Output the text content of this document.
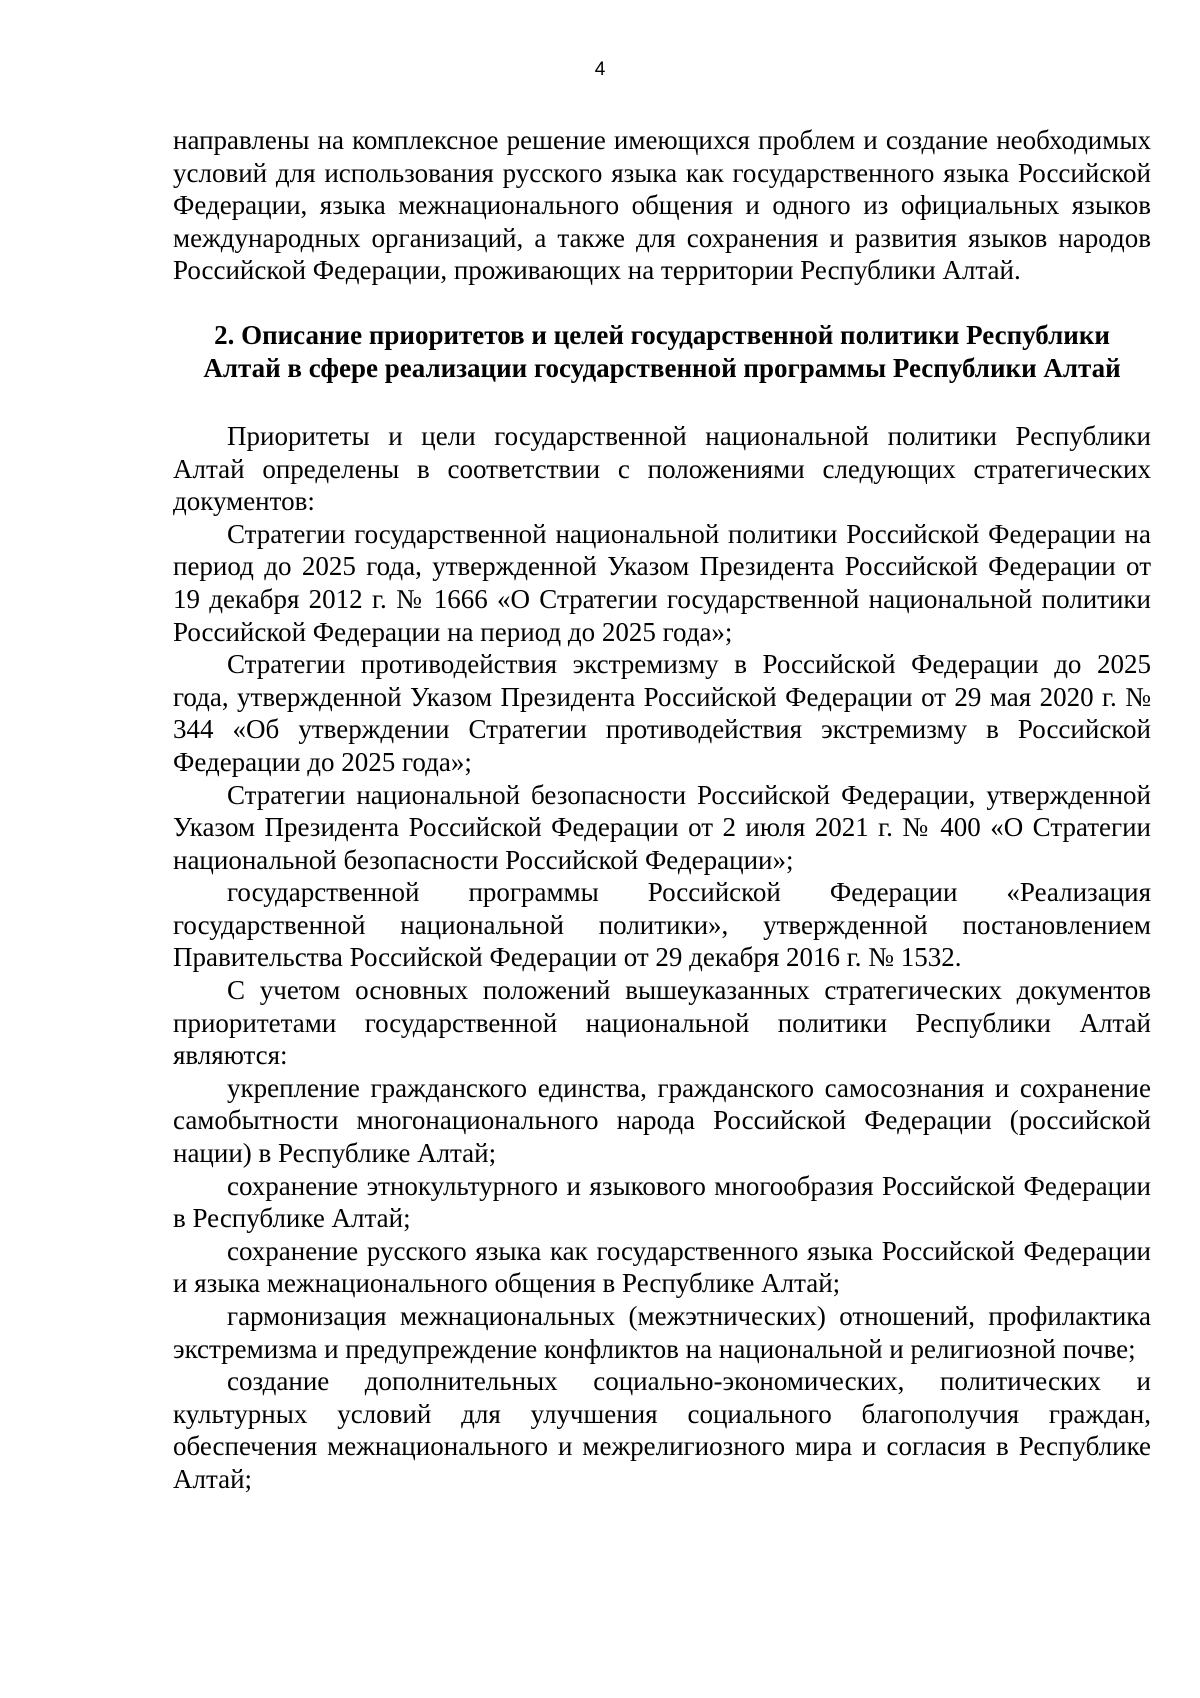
4

направлены на комплексное решение имеющихся проблем и создание необходимых условий для использования русского языка как государственного языка Российской Федерации, языка межнационального общения и одного из официальных языков международных организаций, а также для сохранения и развития языков народов Российской Федерации, проживающих на территории Республики Алтай.

2. Описание приоритетов и целей государственной политики Республики
Алтай в сфере реализации государственной программы Республики Алтай

Приоритеты и цели государственной национальной политики Республики Алтай определены в соответствии с положениями следующих стратегических документов:

Стратегии государственной национальной политики Российской Федерации на период до 2025 года, утвержденной Указом Президента Российской Федерации от 19 декабря 2012 г. № 1666 «О Стратегии государственной национальной политики Российской Федерации на период до 2025 года»;

Стратегии противодействия экстремизму в Российской Федерации до 2025 года, утвержденной Указом Президента Российской Федерации от 29 мая 2020 г. № 344 «Об утверждении Стратегии противодействия экстремизму в Российской Федерации до 2025 года»;

Стратегии национальной безопасности Российской Федерации, утвержденной Указом Президента Российской Федерации от 2 июля 2021 г. № 400 «О Стратегии национальной безопасности Российской Федерации»;

государственной программы Российской Федерации «Реализация государственной национальной политики», утвержденной постановлением Правительства Российской Федерации от 29 декабря 2016 г. № 1532.

С учетом основных положений вышеуказанных стратегических документов приоритетами государственной национальной политики Республики Алтай являются:

укрепление гражданского единства, гражданского самосознания и сохранение самобытности многонационального народа Российской Федерации (российской нации) в Республике Алтай;

сохранение этнокультурного и языкового многообразия Российской Федерации в Республике Алтай;

сохранение русского языка как государственного языка Российской Федерации и языка межнационального общения в Республике Алтай;

гармонизация межнациональных (межэтнических) отношений, профилактика экстремизма и предупреждение конфликтов на национальной и религиозной почве;

создание дополнительных социально-экономических, политических и культурных условий для улучшения социального благополучия граждан, обеспечения межнационального и межрелигиозного мира и согласия в Республике Алтай;
